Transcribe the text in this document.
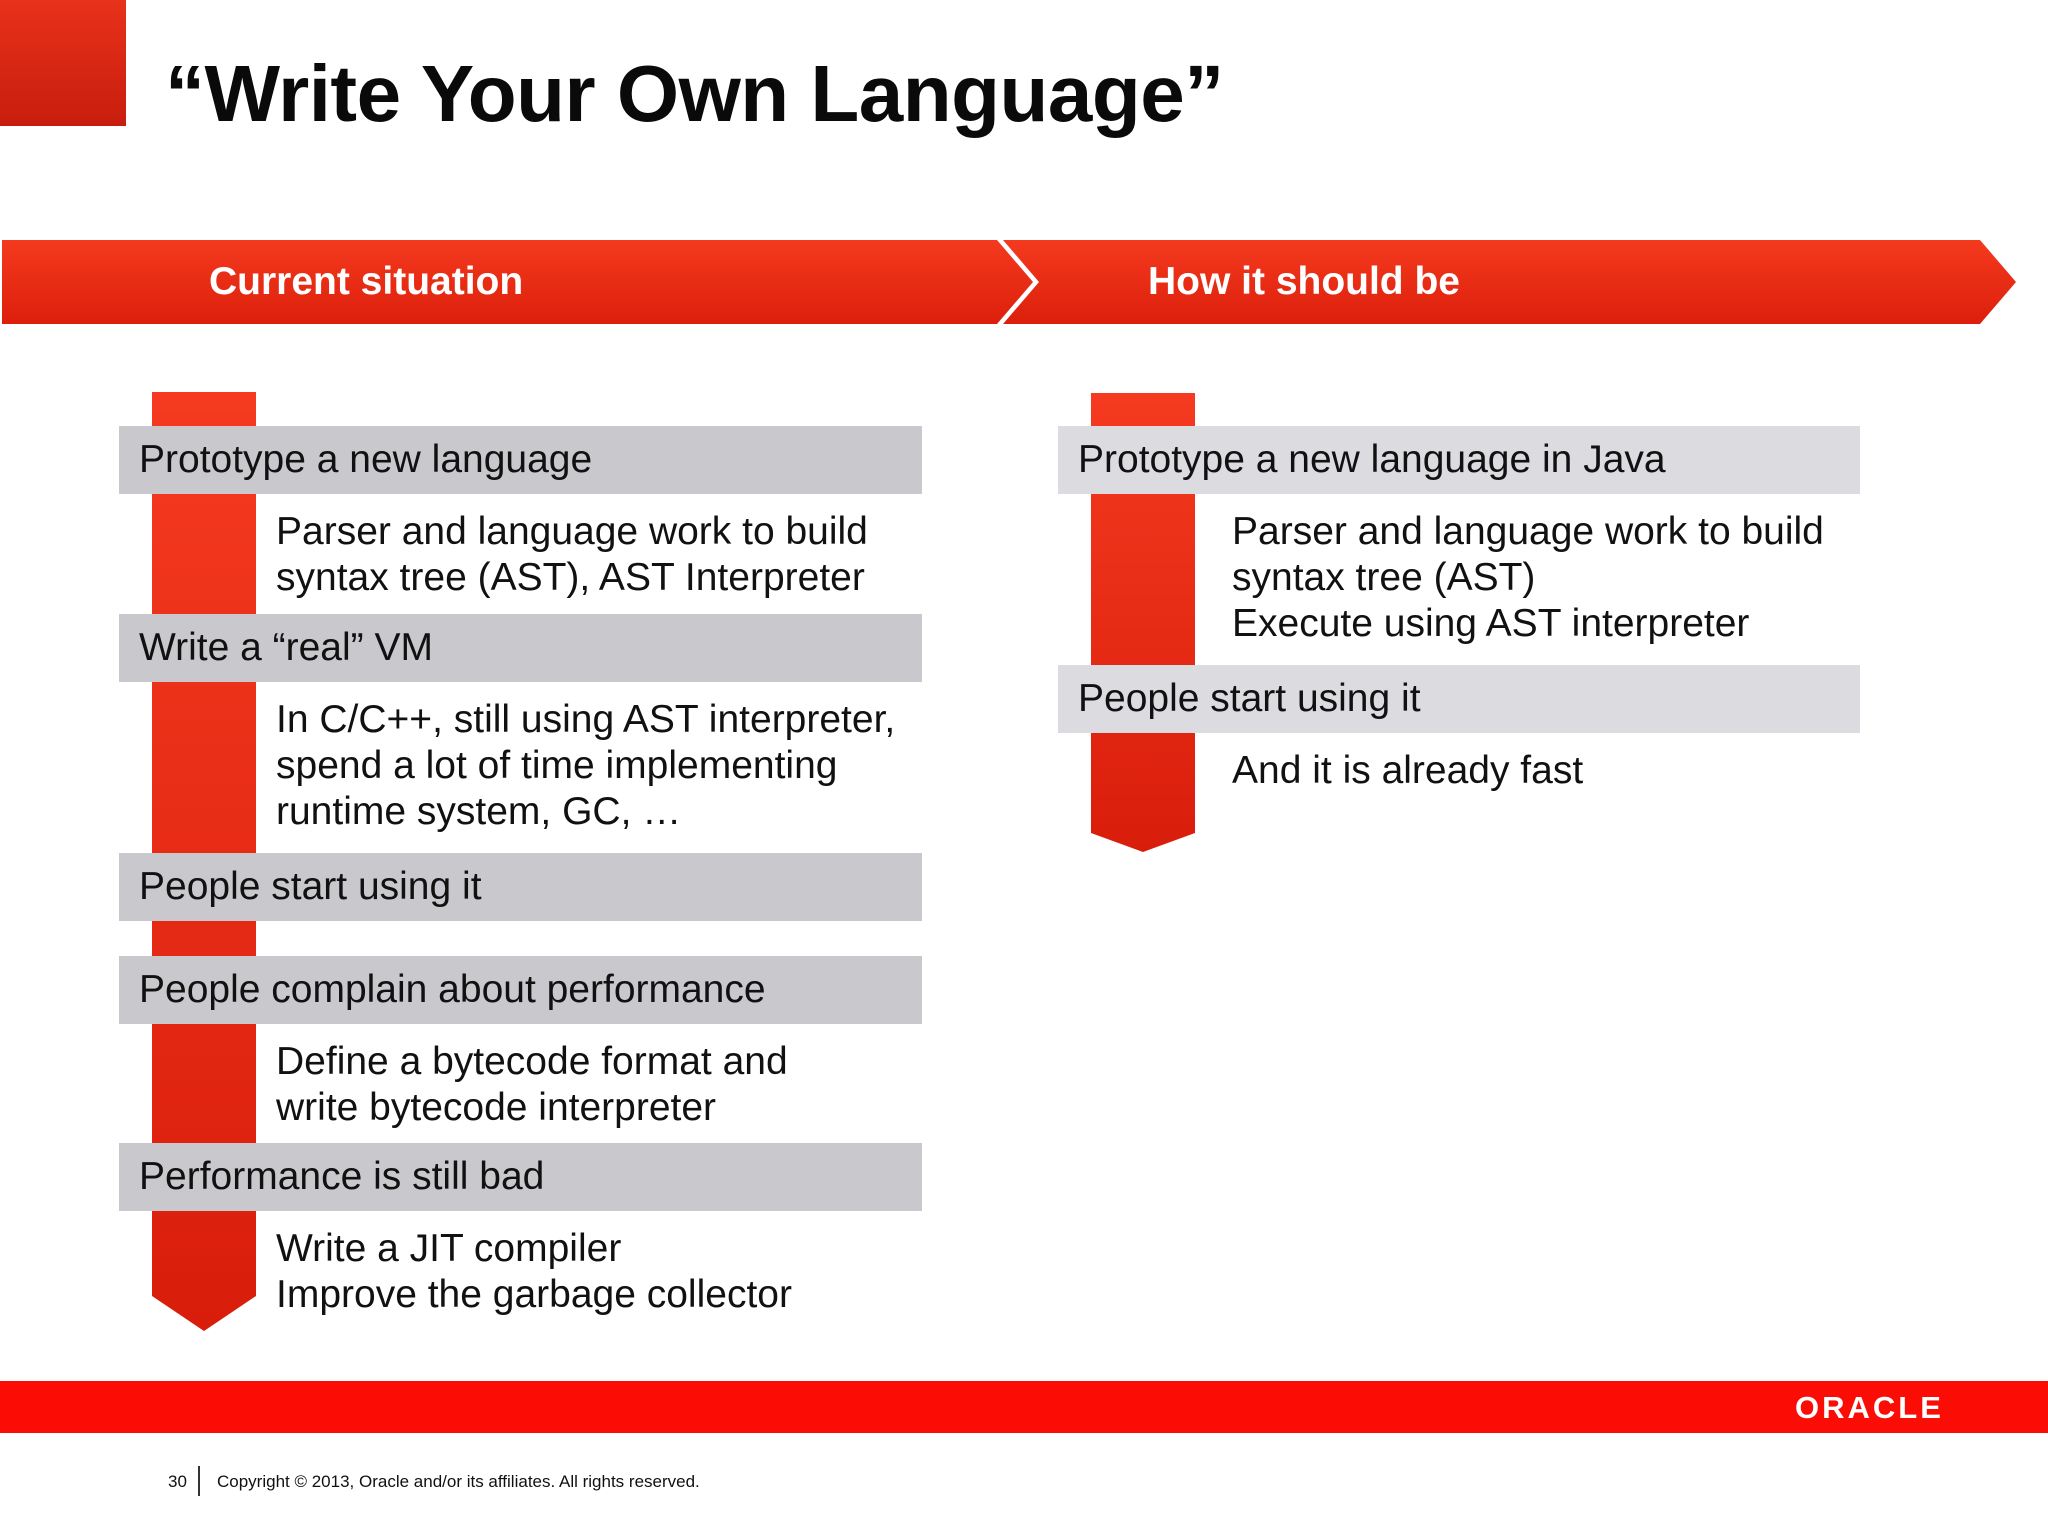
“Write Your Own Language”
Current situation	How it should be
Prototype a new language
Parser and language work to build
syntax tree (AST), AST Interpreter
Write a “real” VM
In C/C++, still using AST interpreter,
spend a lot of time implementing
runtime system, GC, …
People start using it
People complain about performance
Define a bytecode format and
write bytecode interpreter
Performance is still bad
Write a JIT compiler
Improve the garbage collector
Prototype a new language in Java
Parser and language work to build
syntax tree (AST)
Execute using AST interpreter
People start using it
And it is already fast
ORACLE
30 Copyright © 2013, Oracle and/or its affiliates. All rights reserved.
